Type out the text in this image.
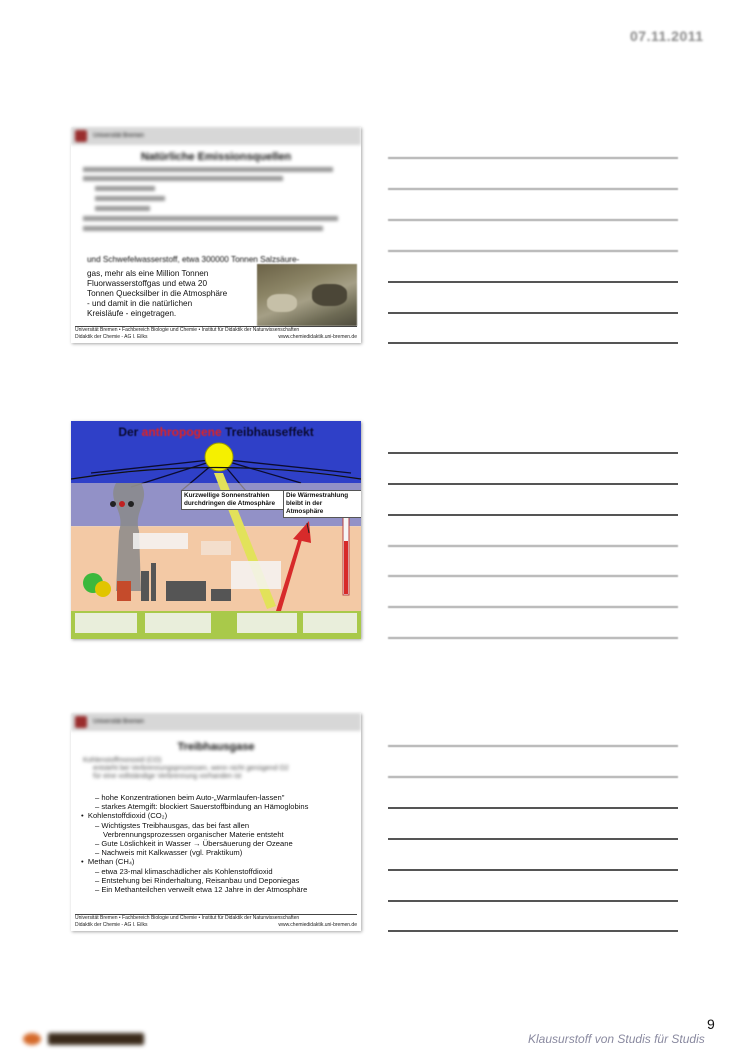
07.11.2011
Universität Bremen
Natürliche Emissionsquellen
und Schwefelwasserstoff, etwa 300000 Tonnen Salzsäure-
gas, mehr als eine Million Tonnen
Fluorwasserstoffgas und etwa 20
Tonnen Quecksilber in die Atmosphäre
- und damit in die natürlichen
Kreisläufe - eingetragen.
Universität Bremen • Fachbereich Biologie und Chemie • Institut für Didaktik der Naturwissenschaften
Didaktik der Chemie - AG I. Eilks	www.chemiedidaktik.uni-bremen.de
Der anthropogene Treibhauseffekt
Kurzwellige Sonnenstrahlen
durchdringen die Atmosphäre
Die Wärmestrahlung
bleibt in der Atmosphäre
Universität Bremen
Treibhausgase
Kohlenstoffmonoxid (CO)
entsteht bei Verbrennungsprozessen, wenn nicht genügend O2
für eine vollständige Verbrennung vorhanden ist
– hohe Konzentrationen beim Auto-„Warmlaufen-lassen"
– starkes Atemgift: blockiert Sauerstoffbindung an Hämoglobins
•  Kohlenstoffdioxid (CO₂)
– Wichtigstes Treibhausgas, das bei fast allen
Verbrennungsprozessen organischer Materie entsteht
– Gute Löslichkeit in Wasser → Übersäuerung der Ozeane
– Nachweis mit Kalkwasser (vgl. Praktikum)
•  Methan (CH₄)
– etwa 23-mal klimaschädlicher als Kohlenstoffdioxid
– Entstehung bei Rinderhaltung, Reisanbau und Deponiegas
– Ein Methanteilchen verweilt etwa 12 Jahre in der Atmosphäre
Universität Bremen • Fachbereich Biologie und Chemie • Institut für Didaktik der Naturwissenschaften
Didaktik der Chemie - AG I. Eilks	www.chemiedidaktik.uni-bremen.de
9
Klausurstoff von Studis für Studis
